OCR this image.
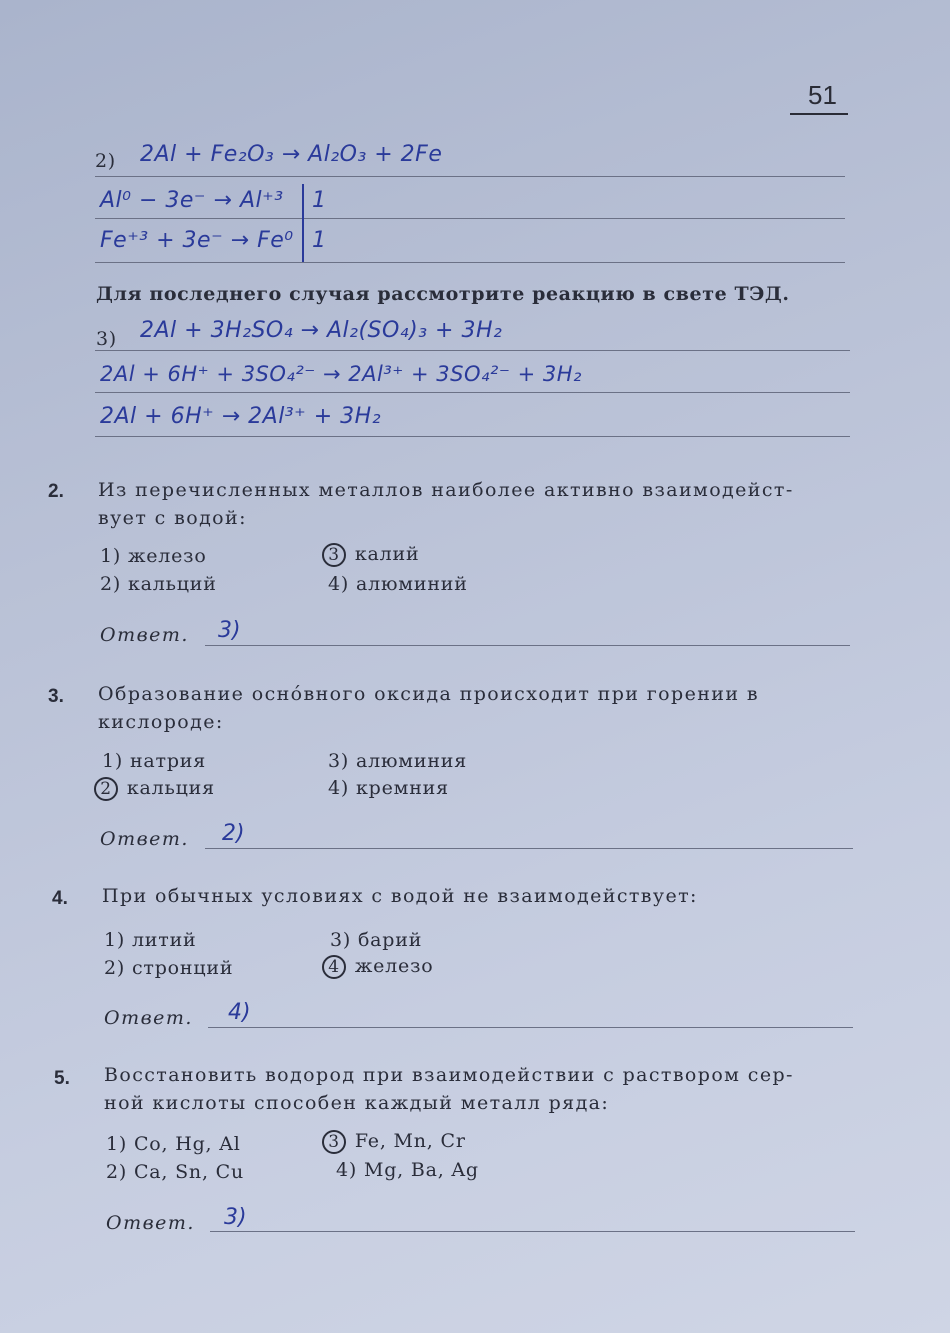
51
2) 2Al + Fe₂O₃ → Al₂O₃ + 2Fe
Al⁰ − 3e⁻ → Al⁺³ 1
Fe⁺³ + 3e⁻ → Fe⁰ 1
Для последнего случая рассмотрите реакцию в свете ТЭД.
3) 2Al + 3H₂SO₄ → Al₂(SO₄)₃ + 3H₂
2Al + 6H⁺ + 3SO₄²⁻ → 2Al³⁺ + 3SO₄²⁻ + 3H₂
2Al + 6H⁺ → 2Al³⁺ + 3H₂
2. Из перечисленных металлов наиболее активно взаимодейст-
вует с водой:
1) железо
2) кальций
3 калий
4) алюминий
Ответ. 3)
3. Образование осно́вного оксида происходит при горении в
кислороде:
1) натрия
2 кальция
3) алюминия
4) кремния
Ответ. 2)
4. При обычных условиях с водой не взаимодействует:
1) литий
2) стронций
3) барий
4 железо
Ответ. 4)
5. Восстановить водород при взаимодействии с раствором сер-
ной кислоты способен каждый металл ряда:
1) Co, Hg, Al
2) Ca, Sn, Cu
3 Fe, Mn, Cr
4) Mg, Ba, Ag
Ответ. 3)
